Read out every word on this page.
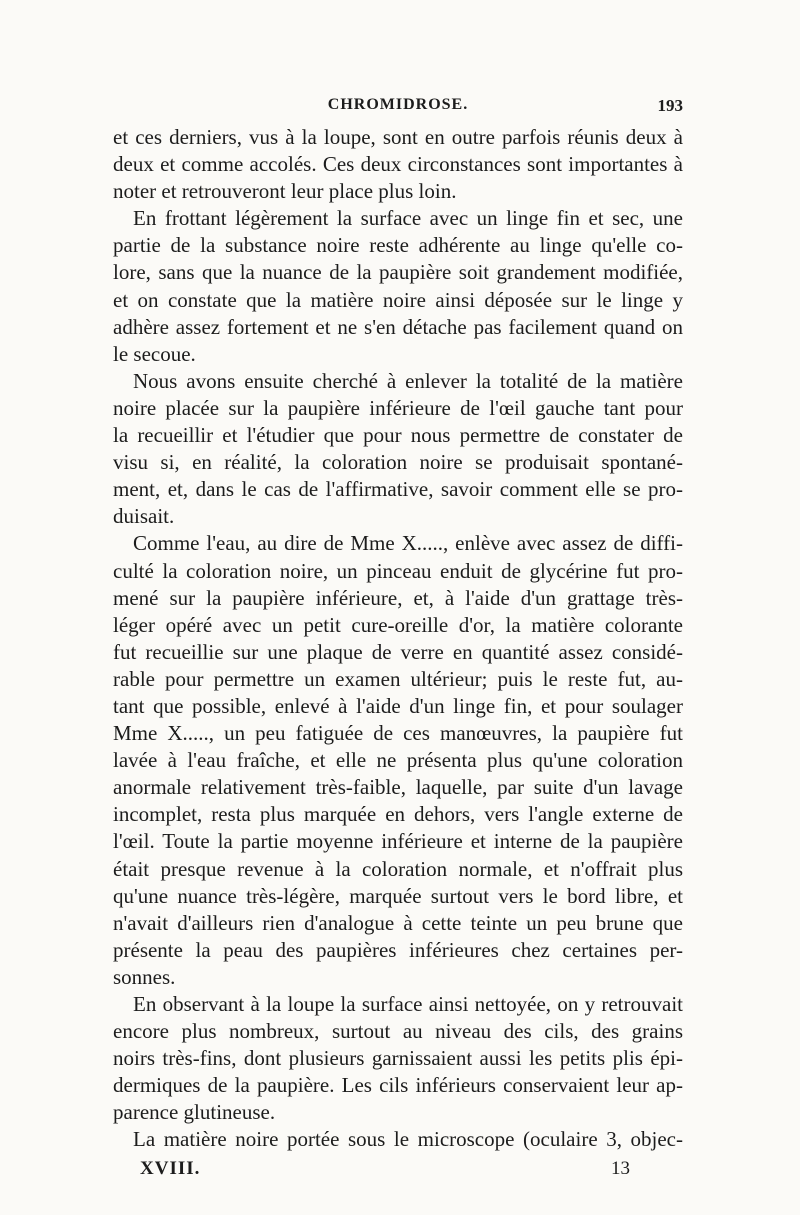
CHROMIDROSE.	193
et ces derniers, vus à la loupe, sont en outre parfois réunis deux à
deux et comme accolés. Ces deux circonstances sont importantes à
noter et retrouveront leur place plus loin.
En frottant légèrement la surface avec un linge fin et sec, une
partie de la substance noire reste adhérente au linge qu'elle co-
lore, sans que la nuance de la paupière soit grandement modifiée,
et on constate que la matière noire ainsi déposée sur le linge y
adhère assez fortement et ne s'en détache pas facilement quand on
le secoue.
Nous avons ensuite cherché à enlever la totalité de la matière
noire placée sur la paupière inférieure de l'œil gauche tant pour
la recueillir et l'étudier que pour nous permettre de constater de
visu si, en réalité, la coloration noire se produisait spontané-
ment, et, dans le cas de l'affirmative, savoir comment elle se pro-
duisait.
Comme l'eau, au dire de Mme X....., enlève avec assez de diffi-
culté la coloration noire, un pinceau enduit de glycérine fut pro-
mené sur la paupière inférieure, et, à l'aide d'un grattage très-
léger opéré avec un petit cure-oreille d'or, la matière colorante
fut recueillie sur une plaque de verre en quantité assez considé-
rable pour permettre un examen ultérieur; puis le reste fut, au-
tant que possible, enlevé à l'aide d'un linge fin, et pour soulager
Mme X....., un peu fatiguée de ces manœuvres, la paupière fut
lavée à l'eau fraîche, et elle ne présenta plus qu'une coloration
anormale relativement très-faible, laquelle, par suite d'un lavage
incomplet, resta plus marquée en dehors, vers l'angle externe de
l'œil. Toute la partie moyenne inférieure et interne de la paupière
était presque revenue à la coloration normale, et n'offrait plus
qu'une nuance très-légère, marquée surtout vers le bord libre, et
n'avait d'ailleurs rien d'analogue à cette teinte un peu brune que
présente la peau des paupières inférieures chez certaines per-
sonnes.
En observant à la loupe la surface ainsi nettoyée, on y retrouvait
encore plus nombreux, surtout au niveau des cils, des grains
noirs très-fins, dont plusieurs garnissaient aussi les petits plis épi-
dermiques de la paupière. Les cils inférieurs conservaient leur ap-
parence glutineuse.
La matière noire portée sous le microscope (oculaire 3, objec-
XVIII.	13
